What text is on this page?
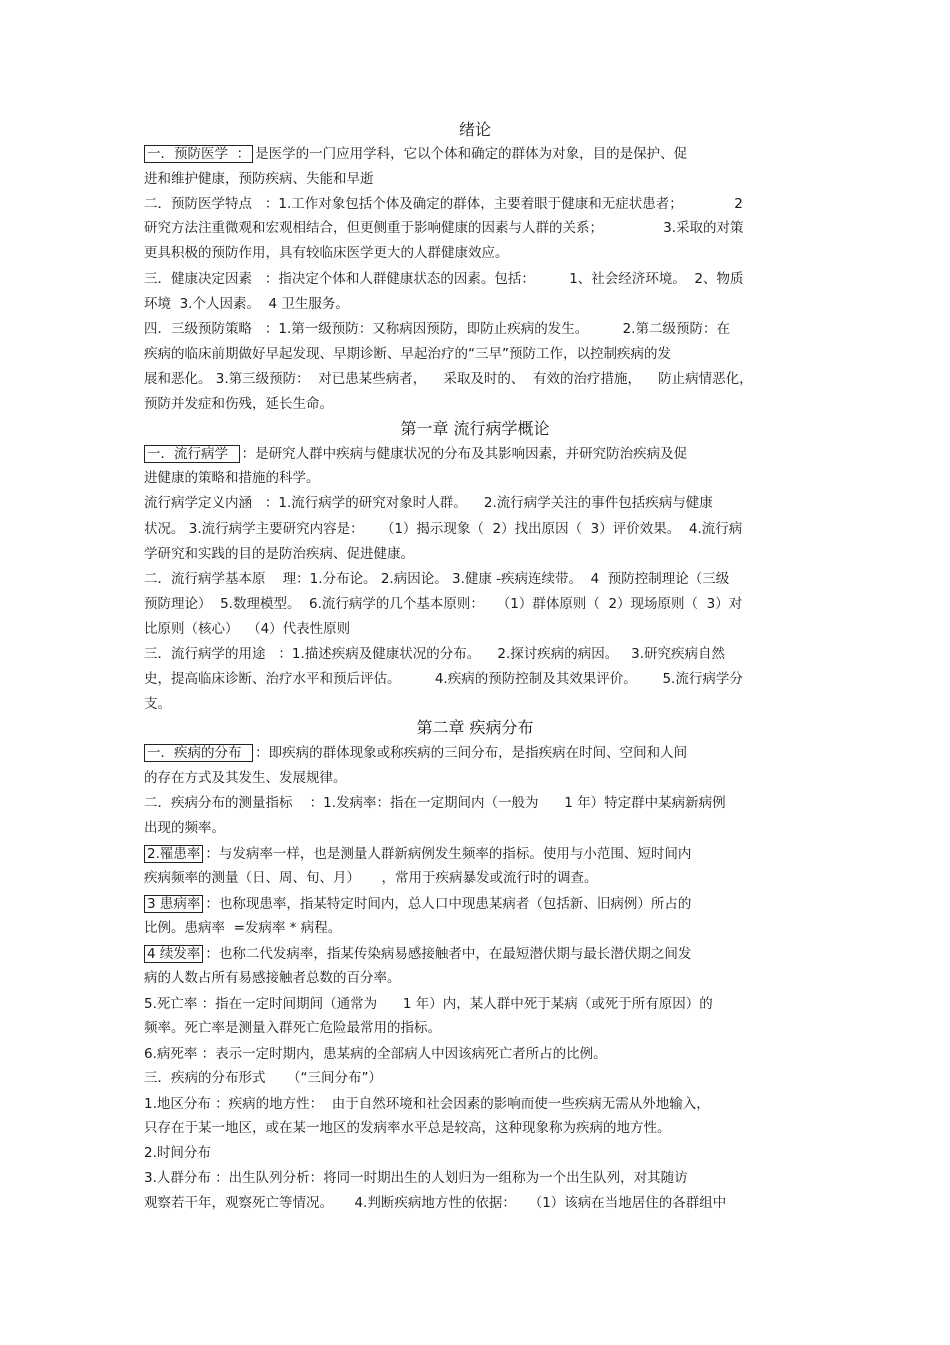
绪论
一．预防医学  ： 是医学的一门应用学科，它以个体和确定的群体为对象，目的是保护、促
进和维护健康，预防疾病、失能和早逝
二．预防医学特点   ：1.工作对象包括个体及确定的群体，主要着眼于健康和无症状患者；            2
研究方法注重微观和宏观相结合，但更侧重于影响健康的因素与人群的关系；              3.采取的对策
更具积极的预防作用，具有较临床医学更大的人群健康效应。
三．健康决定因素   ：指决定个体和人群健康状态的因素。包括：        1、社会经济环境。  2、物质
环境  3.个人因素。  4 卫生服务。
四．三级预防策略   ：1.第一级预防：又称病因预防，即防止疾病的发生。        2.第二级预防：在
疾病的临床前期做好早起发现、早期诊断、早起治疗的“三早”预防工作，以控制疾病的发
展和恶化。 3.第三级预防：  对已患某些病者，    采取及时的、  有效的治疗措施，    防止病情恶化，
预防并发症和伤残，延长生命。
第一章 流行病学概论
一．流行病学  ：是研究人群中疾病与健康状况的分布及其影响因素，并研究防治疾病及促
进健康的策略和措施的科学。
流行病学定义内涵   ：1.流行病学的研究对象时人群。    2.流行病学关注的事件包括疾病与健康
状况。 3.流行病学主要研究内容是：    （1）揭示现象（  2）找出原因（  3）评价效果。  4.流行病
学研究和实践的目的是防治疾病、促进健康。
二．流行病学基本原    理：1.分布论。 2.病因论。 3.健康 -疾病连续带。  4  预防控制理论（三级
预防理论）  5.数理模型。  6.流行病学的几个基本原则：   （1）群体原则（  2）现场原则（  3）对
比原则（核心）  （4）代表性原则
三．流行病学的用途   ：1.描述疾病及健康状况的分布。    2.探讨疾病的病因。   3.研究疾病自然
史，提高临床诊断、治疗水平和预后评估。        4.疾病的预防控制及其效果评价。      5.流行病学分
支。
第二章 疾病分布
一．疾病的分布  ：即疾病的群体现象或称疾病的三间分布，是指疾病在时间、空间和人间
的存在方式及其发生、发展规律。
二．疾病分布的测量指标    ：1.发病率：指在一定期间内（一般为      1 年）特定群中某病新病例
出现的频率。
2.罹患率 ：与发病率一样，也是测量人群新病例发生频率的指标。使用与小范围、短时间内
疾病频率的测量（日、周、旬、月）     ，常用于疾病暴发或流行时的调查。
3 患病率 ：也称现患率，指某特定时间内，总人口中现患某病者（包括新、旧病例）所占的
比例。患病率  =发病率 * 病程。
4 续发率 ：也称二代发病率，指某传染病易感接触者中，在最短潜伏期与最长潜伏期之间发
病的人数占所有易感接触者总数的百分率。
5.死亡率 ：指在一定时间期间（通常为      1 年）内，某人群中死于某病（或死于所有原因）的
频率。死亡率是测量入群死亡危险最常用的指标。
6.病死率 ：表示一定时期内，患某病的全部病人中因该病死亡者所占的比例。
三．疾病的分布形式     （“三间分布”）
1.地区分布 ：疾病的地方性：  由于自然环境和社会因素的影响而使一些疾病无需从外地输入，
只存在于某一地区，或在某一地区的发病率水平总是较高，这种现象称为疾病的地方性。
2.时间分布
3.人群分布 ：出生队列分析：将同一时期出生的人划归为一组称为一个出生队列，对其随访
观察若干年，观察死亡等情况。     4.判断疾病地方性的依据：   （1）该病在当地居住的各群组中
